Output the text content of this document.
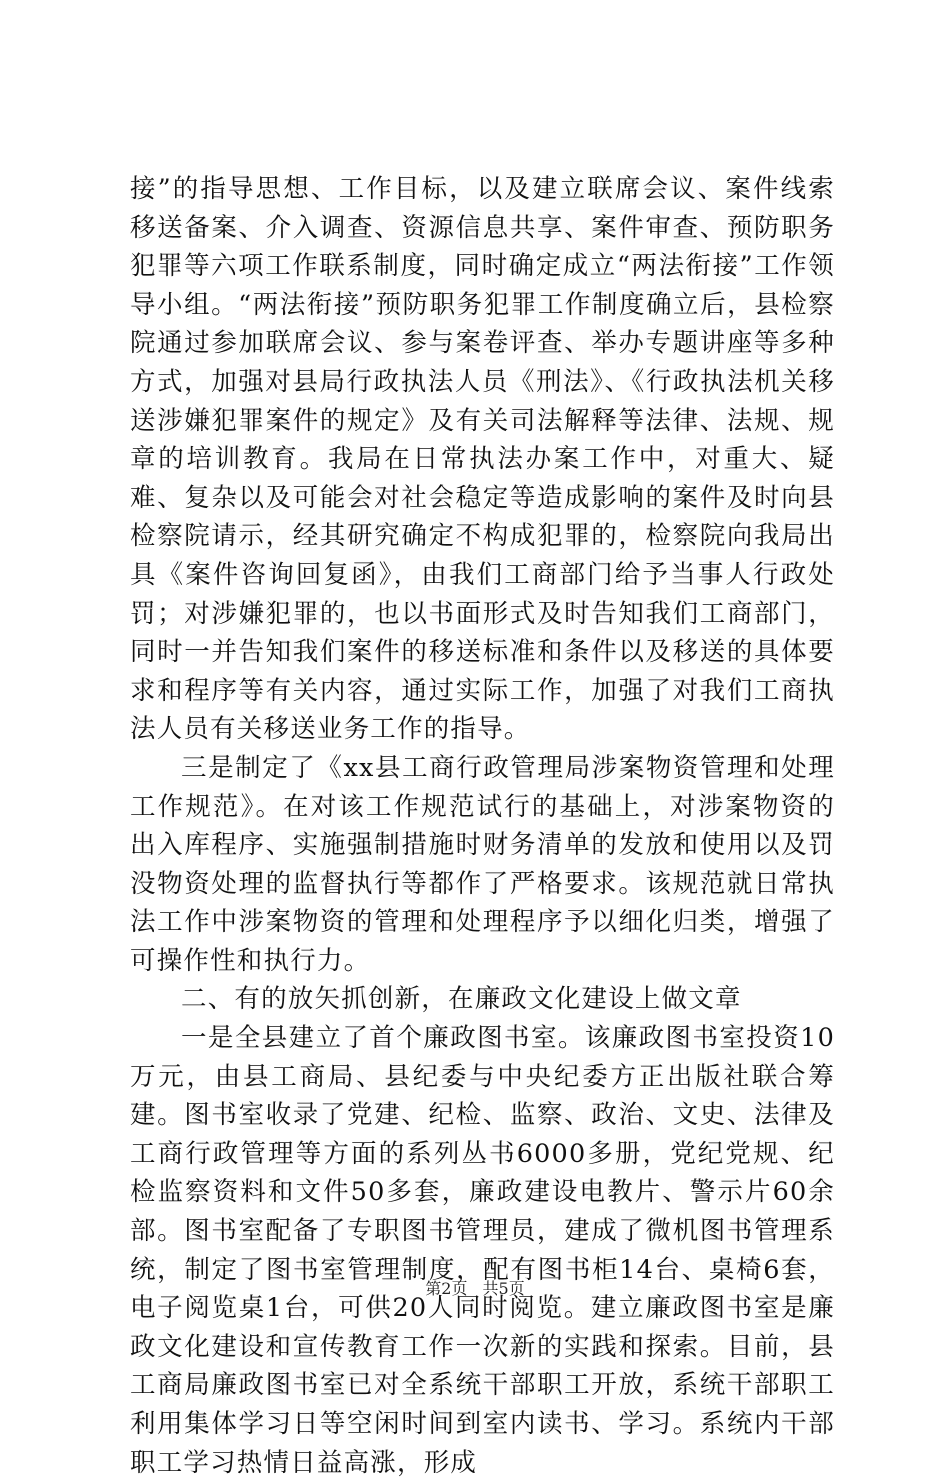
接”的指导思想、工作目标，以及建立联席会议、案件线索移送备案、介入调查、资源信息共享、案件审查、预防职务犯罪等六项工作联系制度，同时确定成立“两法衔接”工作领导小组。“两法衔接”预防职务犯罪工作制度确立后，县检察院通过参加联席会议、参与案卷评查、举办专题讲座等多种方式，加强对县局行政执法人员《刑法》、《行政执法机关移送涉嫌犯罪案件的规定》及有关司法解释等法律、法规、规章的培训教育。我局在日常执法办案工作中，对重大、疑难、复杂以及可能会对社会稳定等造成影响的案件及时向县检察院请示，经其研究确定不构成犯罪的，检察院向我局出具《案件咨询回复函》，由我们工商部门给予当事人行政处罚；对涉嫌犯罪的，也以书面形式及时告知我们工商部门，同时一并告知我们案件的移送标准和条件以及移送的具体要求和程序等有关内容，通过实际工作，加强了对我们工商执法人员有关移送业务工作的指导。

三是制定了《xx县工商行政管理局涉案物资管理和处理工作规范》。在对该工作规范试行的基础上，对涉案物资的出入库程序、实施强制措施时财务清单的发放和使用以及罚没物资处理的监督执行等都作了严格要求。该规范就日常执法工作中涉案物资的管理和处理程序予以细化归类，增强了可操作性和执行力。

二、有的放矢抓创新，在廉政文化建设上做文章

一是全县建立了首个廉政图书室。该廉政图书室投资10万元，由县工商局、县纪委与中央纪委方正出版社联合筹建。图书室收录了党建、纪检、监察、政治、文史、法律及工商行政管理等方面的系列丛书6000多册，党纪党规、纪检监察资料和文件50多套，廉政建设电教片、警示片60余部。图书室配备了专职图书管理员，建成了微机图书管理系统，制定了图书室管理制度，配有图书柜14台、桌椅6套，电子阅览桌1台，可供20人同时阅览。建立廉政图书室是廉政文化建设和宣传教育工作一次新的实践和探索。目前，县工商局廉政图书室已对全系统干部职工开放，系统干部职工利用集体学习日等空闲时间到室内读书、学习。系统内干部职工学习热情日益高涨，形成

第2页 共5页
